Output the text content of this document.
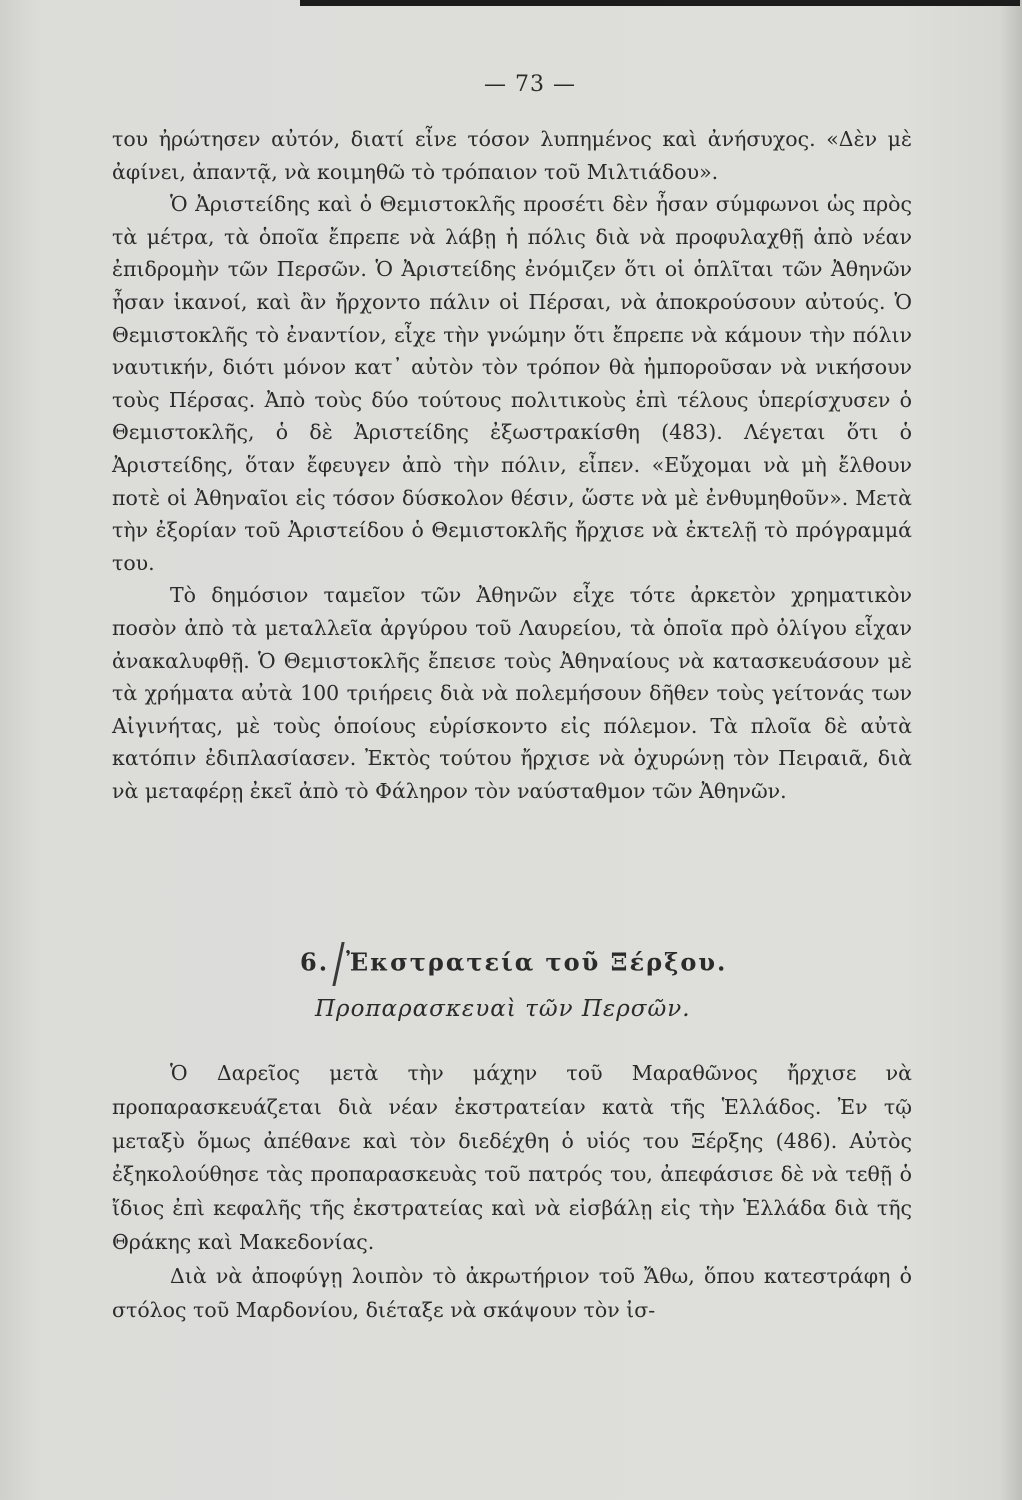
— 73 —

του ἠρώτησεν αὐτόν, διατί εἶνε τόσον λυπημένος καὶ ἀνήσυχος. «Δὲν μὲ ἀφίνει, ἀπαντᾷ, νὰ κοιμηθῶ τὸ τρόπαιον τοῦ Μιλτιάδου».

Ὁ Ἀριστείδης καὶ ὁ Θεμιστοκλῆς προσέτι δὲν ἦσαν σύμφωνοι ὡς πρὸς τὰ μέτρα, τὰ ὁποῖα ἔπρεπε νὰ λάβῃ ἡ πόλις διὰ νὰ προφυλαχθῇ ἀπὸ νέαν ἐπιδρομὴν τῶν Περσῶν. Ὁ Ἀριστείδης ἐνόμιζεν ὅτι οἱ ὁπλῖται τῶν Ἀθηνῶν ἦσαν ἱκανοί, καὶ ἂν ἤρχοντο πάλιν οἱ Πέρσαι, νὰ ἀποκρούσουν αὐτούς. Ὁ Θεμιστοκλῆς τὸ ἐναντίον, εἶχε τὴν γνώμην ὅτι ἔπρεπε νὰ κάμουν τὴν πόλιν ναυτικήν, διότι μόνον κατ᾽ αὐτὸν τὸν τρόπον θὰ ἠμποροῦσαν νὰ νικήσουν τοὺς Πέρσας. Ἀπὸ τοὺς δύο τούτους πολιτικοὺς ἐπὶ τέλους ὑπερίσχυσεν ὁ Θεμιστοκλῆς, ὁ δὲ Ἀριστείδης ἐξωστρακίσθη (483). Λέγεται ὅτι ὁ Ἀριστείδης, ὅταν ἔφευγεν ἀπὸ τὴν πόλιν, εἶπεν. «Εὔχομαι νὰ μὴ ἔλθουν ποτὲ οἱ Ἀθηναῖοι εἰς τόσον δύσκολον θέσιν, ὥστε νὰ μὲ ἐνθυμηθοῦν». Μετὰ τὴν ἐξορίαν τοῦ Ἀριστείδου ὁ Θεμιστοκλῆς ἤρχισε νὰ ἐκτελῇ τὸ πρόγραμμά του.

Τὸ δημόσιον ταμεῖον τῶν Ἀθηνῶν εἶχε τότε ἀρκετὸν χρηματικὸν ποσὸν ἀπὸ τὰ μεταλλεῖα ἀργύρου τοῦ Λαυρείου, τὰ ὁποῖα πρὸ ὀλίγου εἶχαν ἀνακαλυφθῇ. Ὁ Θεμιστοκλῆς ἔπεισε τοὺς Ἀθηναίους νὰ κατασκευάσουν μὲ τὰ χρήματα αὐτὰ 100 τριήρεις διὰ νὰ πολεμήσουν δῆθεν τοὺς γείτονάς των Αἰγινήτας, μὲ τοὺς ὁποίους εὑρίσκοντο εἰς πόλεμον. Τὰ πλοῖα δὲ αὐτὰ κατόπιν ἐδιπλασίασεν. Ἐκτὸς τούτου ἤρχισε νὰ ὀχυρώνῃ τὸν Πειραιᾶ, διὰ νὰ μεταφέρῃ ἐκεῖ ἀπὸ τὸ Φάληρον τὸν ναύσταθμον τῶν Ἀθηνῶν.

6. Ἐκστρατεία τοῦ Ξέρξου.
Προπαρασκευαὶ τῶν Περσῶν.

Ὁ Δαρεῖος μετὰ τὴν μάχην τοῦ Μαραθῶνος ἤρχισε νὰ προπαρασκευάζεται διὰ νέαν ἐκστρατείαν κατὰ τῆς Ἑλλάδος. Ἐν τῷ μεταξὺ ὅμως ἀπέθανε καὶ τὸν διεδέχθη ὁ υἱός του Ξέρξης (486). Αὐτὸς ἐξηκολούθησε τὰς προπαρασκευὰς τοῦ πατρός του, ἀπεφάσισε δὲ νὰ τεθῇ ὁ ἴδιος ἐπὶ κεφαλῆς τῆς ἐκστρατείας καὶ νὰ εἰσβάλῃ εἰς τὴν Ἑλλάδα διὰ τῆς Θράκης καὶ Μακεδονίας.

Διὰ νὰ ἀποφύγῃ λοιπὸν τὸ ἀκρωτήριον τοῦ Ἄθω, ὅπου κατεστράφη ὁ στόλος τοῦ Μαρδονίου, διέταξε νὰ σκάψουν τὸν ἰσ-
